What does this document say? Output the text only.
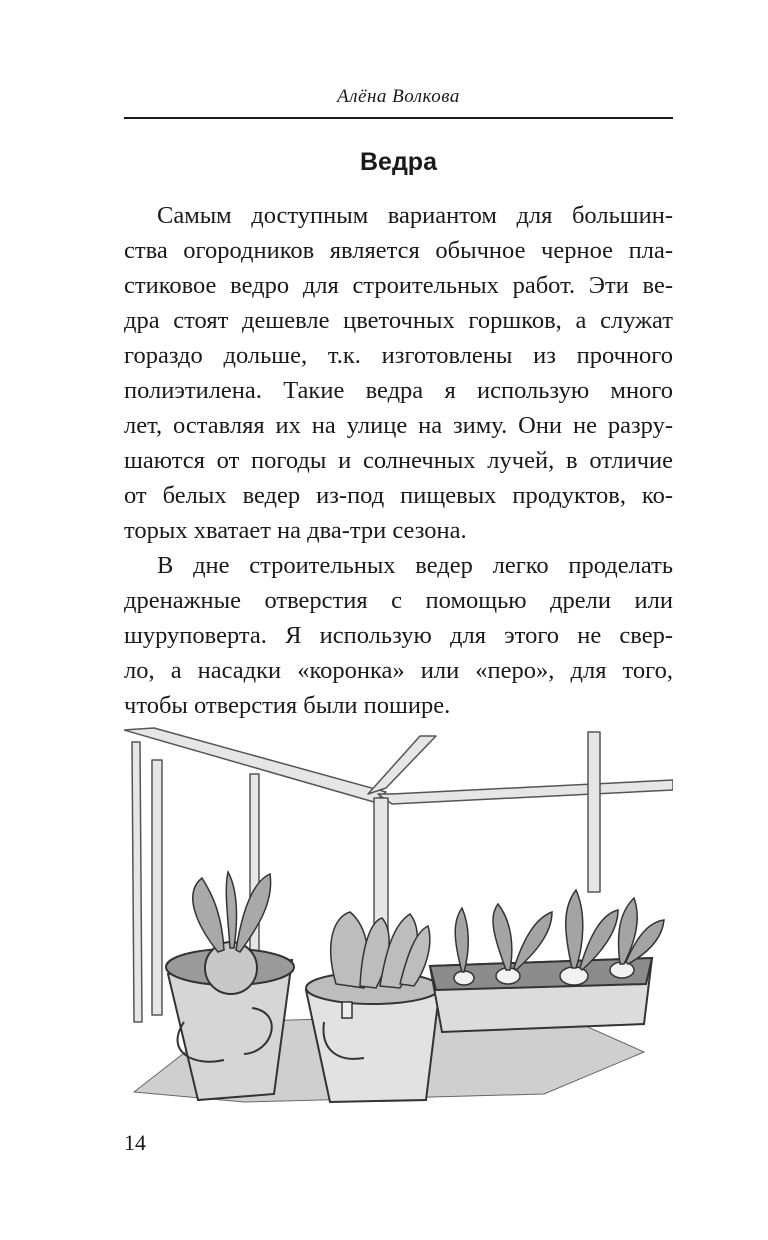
Алёна Волкова
Ведра
Самым доступным вариантом для большин-
ства огородников является обычное черное пла-
стиковое ведро для строительных работ. Эти ве-
дра стоят дешевле цветочных горшков, а служат
гораздо дольше, т.к. изготовлены из прочного
полиэтилена. Такие ведра я использую много
лет, оставляя их на улице на зиму. Они не разру-
шаются от погоды и солнечных лучей, в отличие
от белых ведер из-под пищевых продуктов, ко-
торых хватает на два-три сезона.
В дне строительных ведер легко проделать
дренажные отверстия с помощью дрели или
шуруповерта. Я использую для этого не свер-
ло, а насадки «коронка» или «перо», для того,
чтобы отверстия были пошире.
14
